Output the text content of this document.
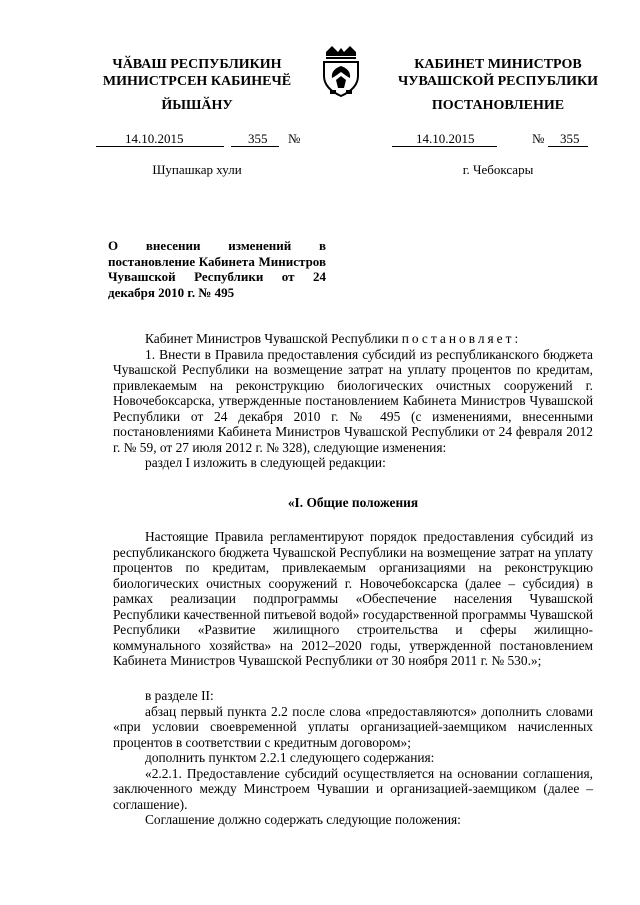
ЧӐВАШ РЕСПУБЛИКИН
МИНИСТРСЕН КАБИНЕЧӖ
ЙЫШӐНУ
КАБИНЕТ МИНИСТРОВ
ЧУВАШСКОЙ РЕСПУБЛИКИ
ПОСТАНОВЛЕНИЕ
14.10.2015	355 №	14.10.2015	№ 355
Шупашкар хули	г. Чебоксары
О внесении изменений в постановление Кабинета Министров Чувашской Республики от 24 декабря 2010 г. № 495

Кабинет Министров Чувашской Республики постановляет:

1. Внести в Правила предоставления субсидий из республиканского бюджета Чувашской Республики на возмещение затрат на уплату процентов по кредитам, привлекаемым на реконструкцию биологических очистных сооружений г. Новочебоксарска, утвержденные постановлением Кабинета Министров Чувашской Республики от 24 декабря 2010 г. № 495 (с изменениями, внесенными постановлениями Кабинета Министров Чувашской Республики от 24 февраля 2012 г. № 59, от 27 июля 2012 г. № 328), следующие изменения:

раздел I изложить в следующей редакции:

«I. Общие положения

Настоящие Правила регламентируют порядок предоставления субсидий из республиканского бюджета Чувашской Республики на возмещение затрат на уплату процентов по кредитам, привлекаемым организациями на реконструкцию биологических очистных сооружений г. Новочебоксарска (далее – субсидия) в рамках реализации подпрограммы «Обеспечение населения Чувашской Республики качественной питьевой водой» государственной программы Чувашской Республики «Развитие жилищного строительства и сферы жилищно-коммунального хозяйства» на 2012–2020 годы, утвержденной постановлением Кабинета Министров Чувашской Республики от 30 ноября 2011 г. № 530.»;

в разделе II:

абзац первый пункта 2.2 после слова «предоставляются» дополнить словами «при условии своевременной уплаты организацией-заемщиком начисленных процентов в соответствии с кредитным договором»;

дополнить пунктом 2.2.1 следующего содержания:

«2.2.1. Предоставление субсидий осуществляется на основании соглашения, заключенного между Минстроем Чувашии и организацией-заемщиком (далее – соглашение).

Соглашение должно содержать следующие положения:
